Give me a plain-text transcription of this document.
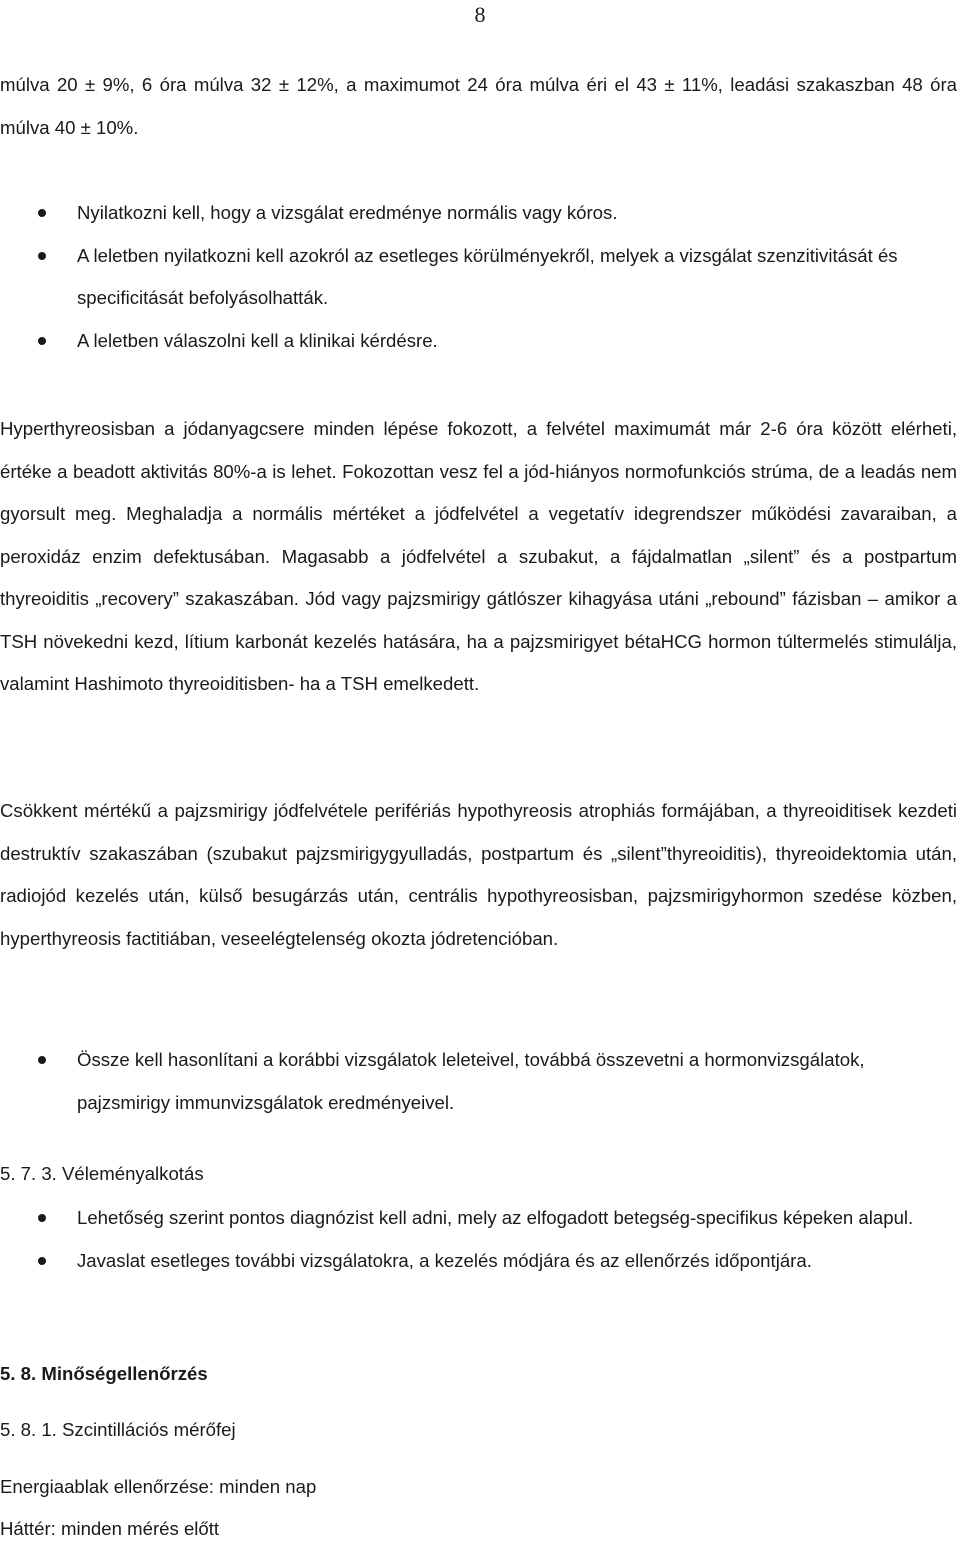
8
múlva 20 ± 9%, 6 óra múlva 32 ± 12%, a maximumot 24 óra múlva éri el 43 ± 11%, leadási szakaszban 48 óra múlva 40 ± 10%.
Nyilatkozni kell, hogy a vizsgálat eredménye normális vagy kóros.
A leletben nyilatkozni kell azokról az esetleges körülményekről, melyek a vizsgálat szenzitivitását és specificitását befolyásolhatták.
A leletben válaszolni kell a klinikai kérdésre.
Hyperthyreosisban a jódanyagcsere minden lépése fokozott, a felvétel maximumát már 2-6 óra között elérheti, értéke a beadott aktivitás 80%-a is lehet. Fokozottan vesz fel a jód-hiányos normofunkciós strúma, de a leadás nem gyorsult meg. Meghaladja a normális mértéket a jódfelvétel a vegetatív idegrendszer működési zavaraiban, a peroxidáz enzim defektusában. Magasabb a jódfelvétel a szubakut, a fájdalmatlan „silent” és a postpartum thyreoiditis „recovery” szakaszában. Jód vagy pajzsmirigy gátlószer kihagyása utáni „rebound” fázisban – amikor a TSH növekedni kezd, lítium karbonát kezelés hatására, ha a pajzsmirigyet bétaHCG hormon túltermelés stimulálja, valamint Hashimoto thyreoiditisben- ha a TSH emelkedett.
Csökkent mértékű a pajzsmirigy jódfelvétele perifériás hypothyreosis atrophiás formájában, a thyreoiditisek kezdeti destruktív szakaszában (szubakut pajzsmirigygyulladás, postpartum és „silent”thyreoiditis), thyreoidektomia után, radiojód kezelés után, külső besugárzás után, centrális hypothyreosisban, pajzsmirigyhormon szedése közben, hyperthyreosis factitiában, veseelégtelenség okozta jódretencióban.
Össze kell hasonlítani a korábbi vizsgálatok leleteivel, továbbá összevetni a hormonvizsgálatok, pajzsmirigy immunvizsgálatok eredményeivel.
5. 7. 3. Véleményalkotás
Lehetőség szerint pontos diagnózist kell adni, mely az elfogadott betegség-specifikus képeken alapul.
Javaslat esetleges további vizsgálatokra, a kezelés módjára és az ellenőrzés időpontjára.
5. 8. Minőségellenőrzés
5. 8. 1. Szcintillációs mérőfej
Energiaablak ellenőrzése: minden nap
Háttér: minden mérés előtt
